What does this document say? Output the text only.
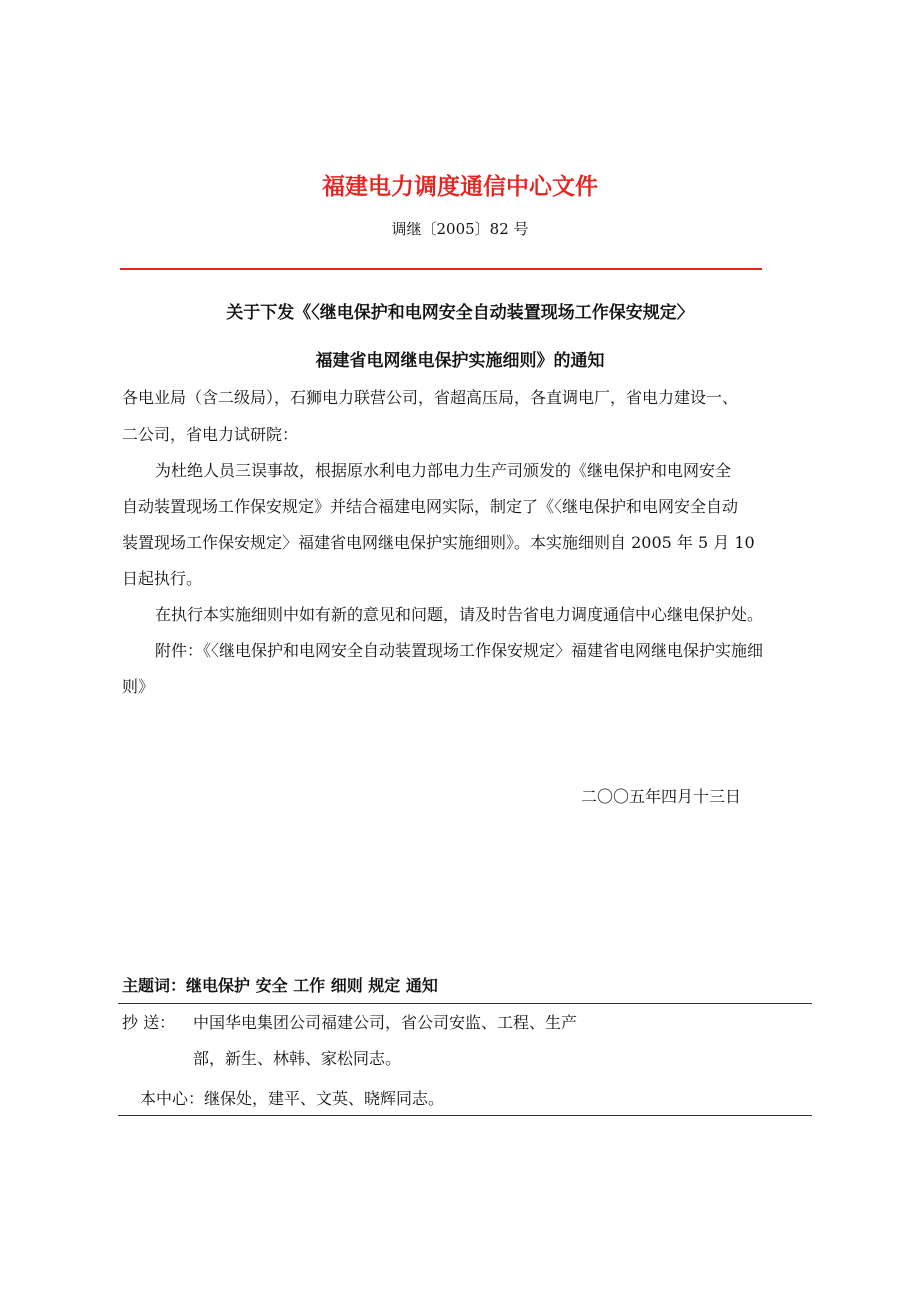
福建电力调度通信中心文件
调继〔2005〕82 号
关于下发《〈继电保护和电网安全自动装置现场工作保安规定〉
福建省电网继电保护实施细则》的通知
各电业局（含二级局），石狮电力联营公司，省超高压局，各直调电厂，省电力建设一、
二公司，省电力试研院：
为杜绝人员三误事故，根据原水利电力部电力生产司颁发的《继电保护和电网安全
自动装置现场工作保安规定》并结合福建电网实际，制定了《〈继电保护和电网安全自动
装置现场工作保安规定〉福建省电网继电保护实施细则》。本实施细则自 2005 年 5 月 10
日起执行。
在执行本实施细则中如有新的意见和问题，请及时告省电力调度通信中心继电保护处。
附件：《〈继电保护和电网安全自动装置现场工作保安规定〉福建省电网继电保护实施细
则》
二〇〇五年四月十三日
主题词：继电保护 安全 工作 细则 规定 通知
抄 送： 中国华电集团公司福建公司，省公司安监、工程、生产
部，新生、林韩、家松同志。
本中心：继保处，建平、文英、晓辉同志。
